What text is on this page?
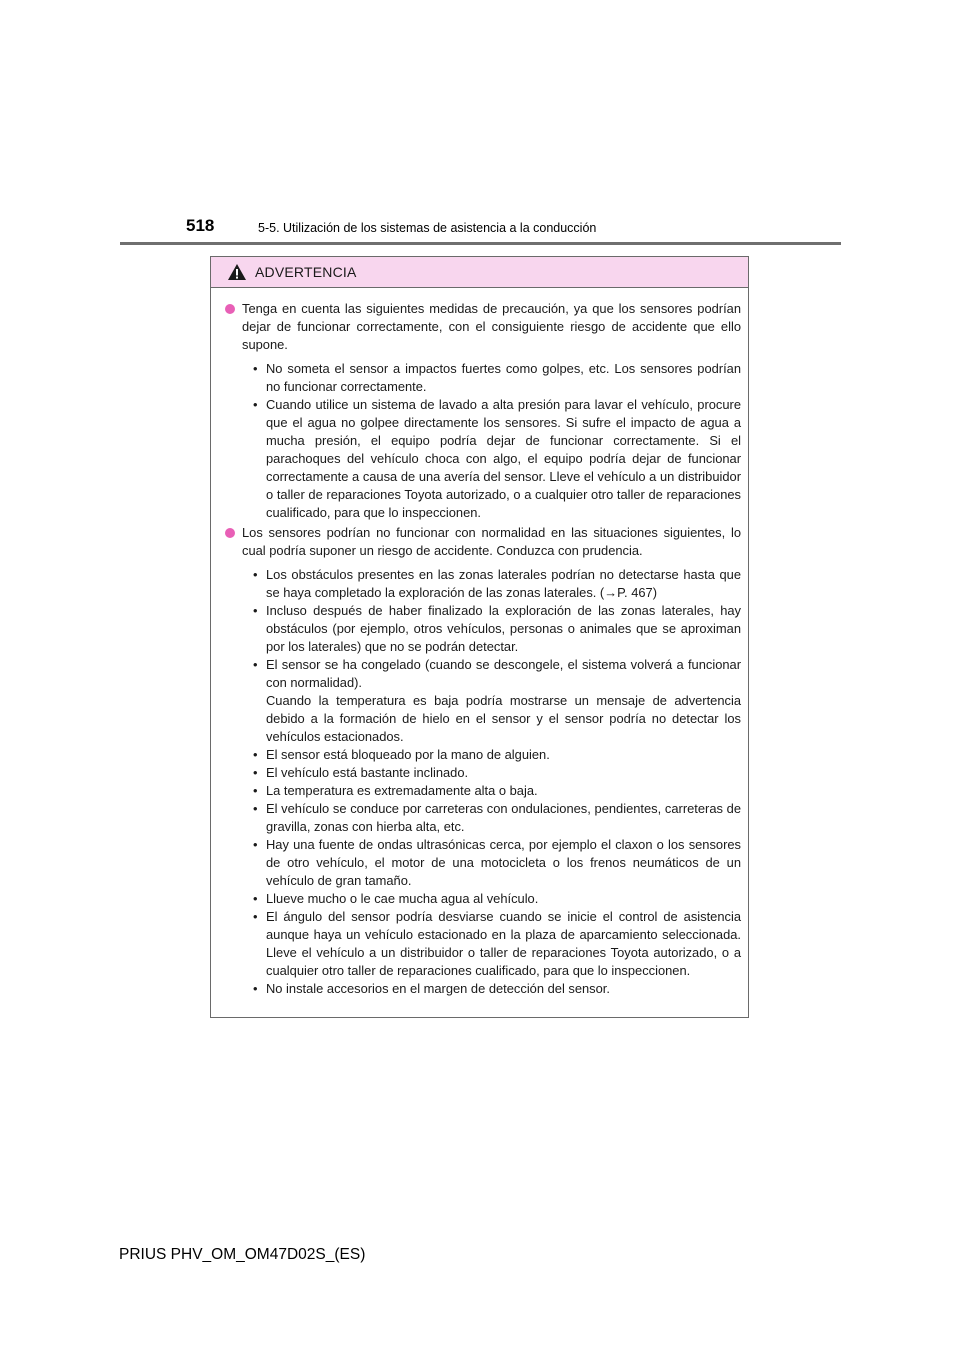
518	5-5. Utilización de los sistemas de asistencia a la conducción
ADVERTENCIA
Tenga en cuenta las siguientes medidas de precaución, ya que los sensores podrían dejar de funcionar correctamente, con el consiguiente riesgo de accidente que ello supone.
• No someta el sensor a impactos fuertes como golpes, etc. Los sensores podrían no funcionar correctamente.

• Cuando utilice un sistema de lavado a alta presión para lavar el vehículo, procure que el agua no golpee directamente los sensores. Si sufre el impacto de agua a mucha presión, el equipo podría dejar de funcionar correctamente. Si el parachoques del vehículo choca con algo, el equipo podría dejar de funcionar correctamente a causa de una avería del sensor. Lleve el vehículo a un distribuidor o taller de reparaciones Toyota autorizado, o a cualquier otro taller de reparaciones cualificado, para que lo inspeccionen.

Los sensores podrían no funcionar con normalidad en las situaciones siguientes, lo cual podría suponer un riesgo de accidente. Conduzca con prudencia.
• Los obstáculos presentes en las zonas laterales podrían no detectarse hasta que se haya completado la exploración de las zonas laterales. (→P. 467)

• Incluso después de haber finalizado la exploración de las zonas laterales, hay obstáculos (por ejemplo, otros vehículos, personas o animales que se aproximan por los laterales) que no se podrán detectar.

• El sensor se ha congelado (cuando se descongele, el sistema volverá a funcionar con normalidad).

Cuando la temperatura es baja podría mostrarse un mensaje de advertencia debido a la formación de hielo en el sensor y el sensor podría no detectar los vehículos estacionados.

• El sensor está bloqueado por la mano de alguien.

• El vehículo está bastante inclinado.

• La temperatura es extremadamente alta o baja.

• El vehículo se conduce por carreteras con ondulaciones, pendientes, carreteras de gravilla, zonas con hierba alta, etc.

• Hay una fuente de ondas ultrasónicas cerca, por ejemplo el claxon o los sensores de otro vehículo, el motor de una motocicleta o los frenos neumáticos de un vehículo de gran tamaño.

• Llueve mucho o le cae mucha agua al vehículo.

• El ángulo del sensor podría desviarse cuando se inicie el control de asistencia aunque haya un vehículo estacionado en la plaza de aparcamiento seleccionada. Lleve el vehículo a un distribuidor o taller de reparaciones Toyota autorizado, o a cualquier otro taller de reparaciones cualificado, para que lo inspeccionen.

• No instale accesorios en el margen de detección del sensor.

PRIUS PHV_OM_OM47D02S_(ES)
